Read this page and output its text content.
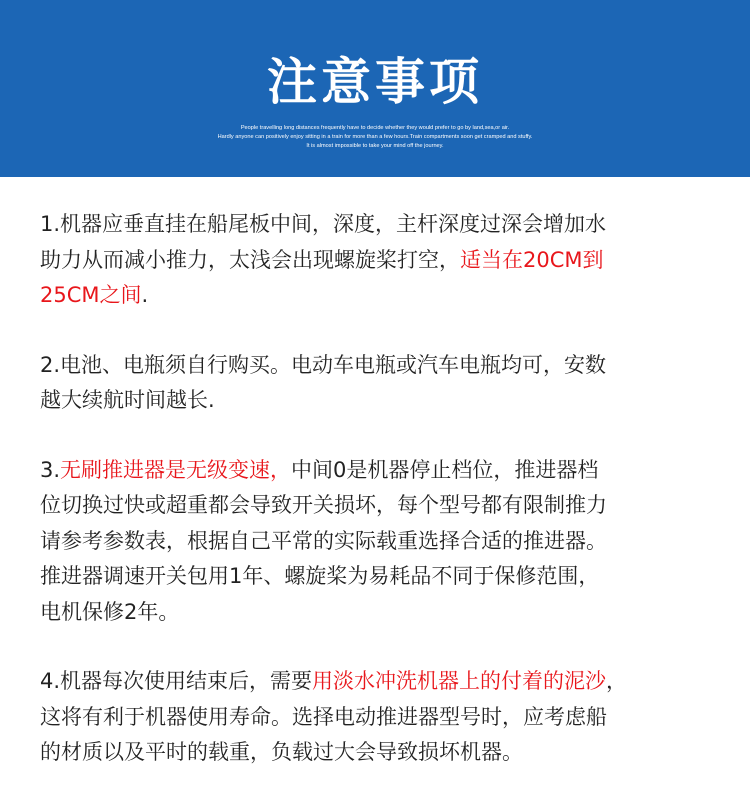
注意事项
People travelling long distances frequently have to decide whether they would prefer to go by land,sea,or air.
Hardly anyone can positively enjoy sitting in a train for more than a few hours.Train compartments soon get cramped and stuffy.
It is almost impossible to take your mind off the journey.
1.机器应垂直挂在船尾板中间，深度，主杆深度过深会增加水
助力从而减小推力，太浅会出现螺旋桨打空，适当在20CM到
25CM之间.
2.电池、电瓶须自行购买。电动车电瓶或汽车电瓶均可，安数
越大续航时间越长.
3.无刷推进器是无级变速，中间0是机器停止档位，推进器档
位切换过快或超重都会导致开关损坏，每个型号都有限制推力
请参考参数表，根据自己平常的实际载重选择合适的推进器。
推进器调速开关包用1年、螺旋桨为易耗品不同于保修范围，
电机保修2年。
4.机器每次使用结束后，需要用淡水冲洗机器上的付着的泥沙，
这将有利于机器使用寿命。选择电动推进器型号时，应考虑船
的材质以及平时的载重，负载过大会导致损坏机器。
